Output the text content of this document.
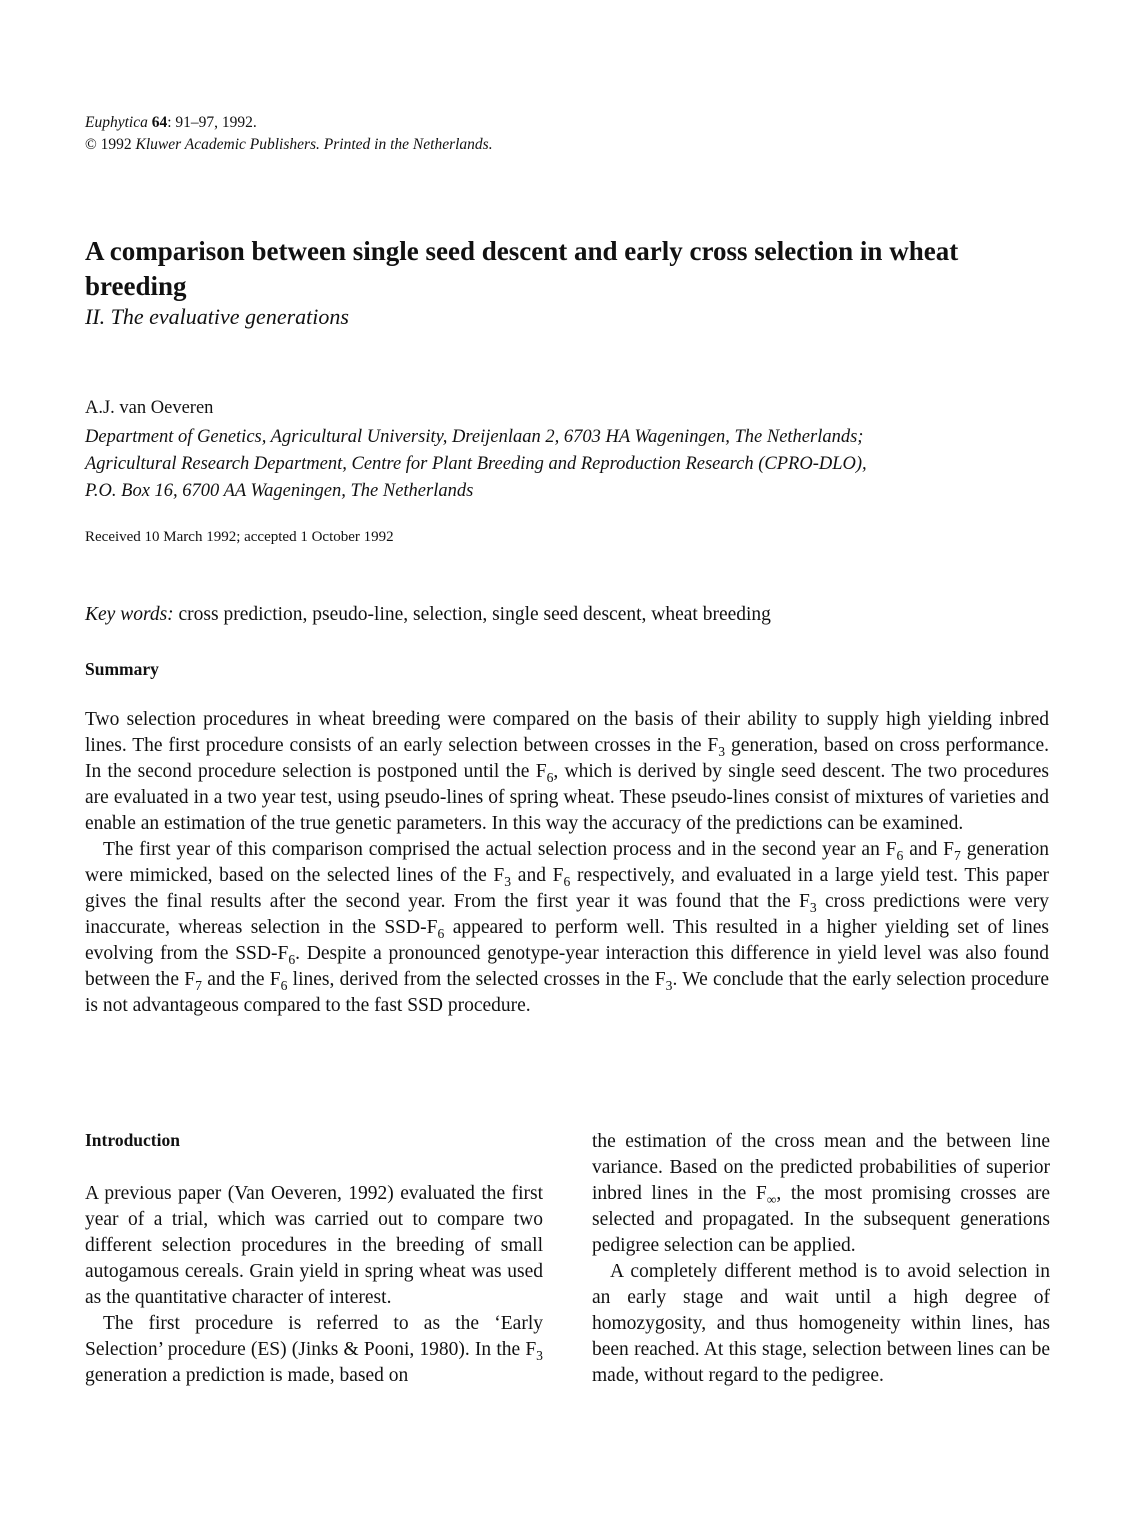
Euphytica 64: 91–97, 1992.
© 1992 Kluwer Academic Publishers. Printed in the Netherlands.
A comparison between single seed descent and early cross selection in wheat breeding
II. The evaluative generations
A.J. van Oeveren
Department of Genetics, Agricultural University, Dreijenlaan 2, 6703 HA Wageningen, The Netherlands;
Agricultural Research Department, Centre for Plant Breeding and Reproduction Research (CPRO-DLO),
P.O. Box 16, 6700 AA Wageningen, The Netherlands
Received 10 March 1992; accepted 1 October 1992
Key words: cross prediction, pseudo-line, selection, single seed descent, wheat breeding
Summary

Two selection procedures in wheat breeding were compared on the basis of their ability to supply high yielding inbred lines. The first procedure consists of an early selection between crosses in the $F_3$ generation, based on cross performance. In the second procedure selection is postponed until the $F_6$, which is derived by single seed descent. The two procedures are evaluated in a two year test, using pseudo-lines of spring wheat. These pseudo-lines consist of mixtures of varieties and enable an estimation of the true genetic parameters. In this way the accuracy of the predictions can be examined.

The first year of this comparison comprised the actual selection process and in the second year an $F_6$ and $F_7$ generation were mimicked, based on the selected lines of the $F_3$ and $F_6$ respectively, and evaluated in a large yield test. This paper gives the final results after the second year. From the first year it was found that the $F_3$ cross predictions were very inaccurate, whereas selection in the SSD-$F_6$ appeared to perform well. This resulted in a higher yielding set of lines evolving from the SSD-$F_6$. Despite a pronounced genotype-year interaction this difference in yield level was also found between the $F_7$ and the $F_6$ lines, derived from the selected crosses in the $F_3$. We conclude that the early selection procedure is not advantageous compared to the fast SSD procedure.

Introduction

A previous paper (Van Oeveren, 1992) evaluated the first year of a trial, which was carried out to compare two different selection procedures in the breeding of small autogamous cereals. Grain yield in spring wheat was used as the quantitative character of interest.

The first procedure is referred to as the ‘Early Selection’ procedure (ES) (Jinks & Pooni, 1980). In the $F_3$ generation a prediction is made, based on

the estimation of the cross mean and the between line variance. Based on the predicted probabilities of superior inbred lines in the $F_\infty$, the most promising crosses are selected and propagated. In the subsequent generations pedigree selection can be applied.

A completely different method is to avoid selection in an early stage and wait until a high degree of homozygosity, and thus homogeneity within lines, has been reached. At this stage, selection between lines can be made, without regard to the pedigree.
